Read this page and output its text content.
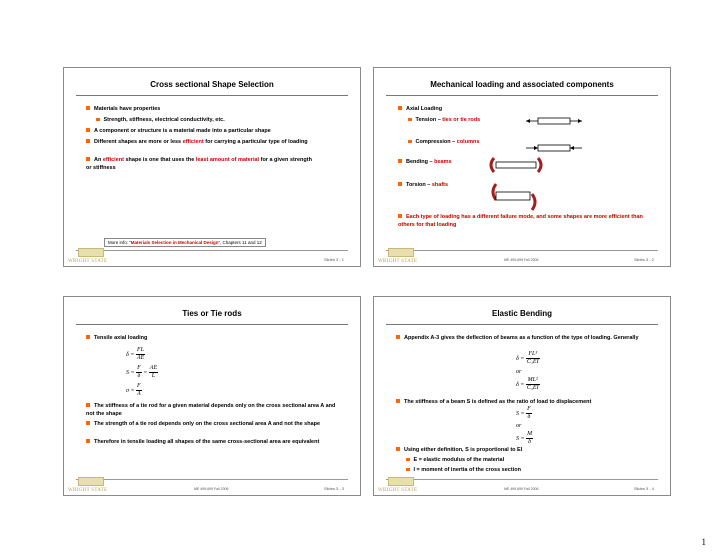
Cross sectional Shape Selection
Materials have properties
Strength, stiffness, electrical conductivity, etc.
A component or structure is a material made into a particular shape
Different shapes are more or less efficient for carrying a particular type of loading
An efficient shape is one that uses the least amount of material for a given strength or stiffness
More info: “Materials Selection in Mechanical Design”, Chapters 11 and 12
WRIGHT STATE	Slides 3 - 1
Mechanical loading and associated components
Axial Loading
Tension – ties or tie rods
Compression – columns
Bending – beams
Torsion – shafts
Each type of loading has a different failure mode, and some shapes are more efficient than others for that loading
WRIGHT STATE	ME 499-699 Fall 2006	Slides 3 - 2
Ties or Tie rods
Tensile axial loading
$\delta = \frac{FL}{AE}$
$S = \frac{F}{\delta} = \frac{AE}{L}$
$\sigma = \frac{F}{A}$
The stiffness of a tie rod for a given material depends only on the cross sectional area A and not the shape
The strength of a tie rod depends only on the cross sectional area A and not the shape
Therefore in tensile loading all shapes of the same cross-sectional area are equivalent
WRIGHT STATE	ME 499-699 Fall 2006	Slides 3 - 3
Elastic Bending
Appendix A-3 gives the deflection of beams as a function of the type of loading. Generally
$\delta = \frac{\text{FL³}}{\text{C₁EI}}$
or
$\delta = \frac{\text{ML²}}{\text{C₂EI}}$
The stiffness of a beam S is defined as the ratio of load to displacement
$S = \frac{F}{\delta}$
or
$S = \frac{M}{\delta}$
Using either definition, S is proportional to EI
E = elastic modulus of the material
I = moment of inertia of the cross section
WRIGHT STATE	ME 499-699 Fall 2006	Slides 3 - 4
1
